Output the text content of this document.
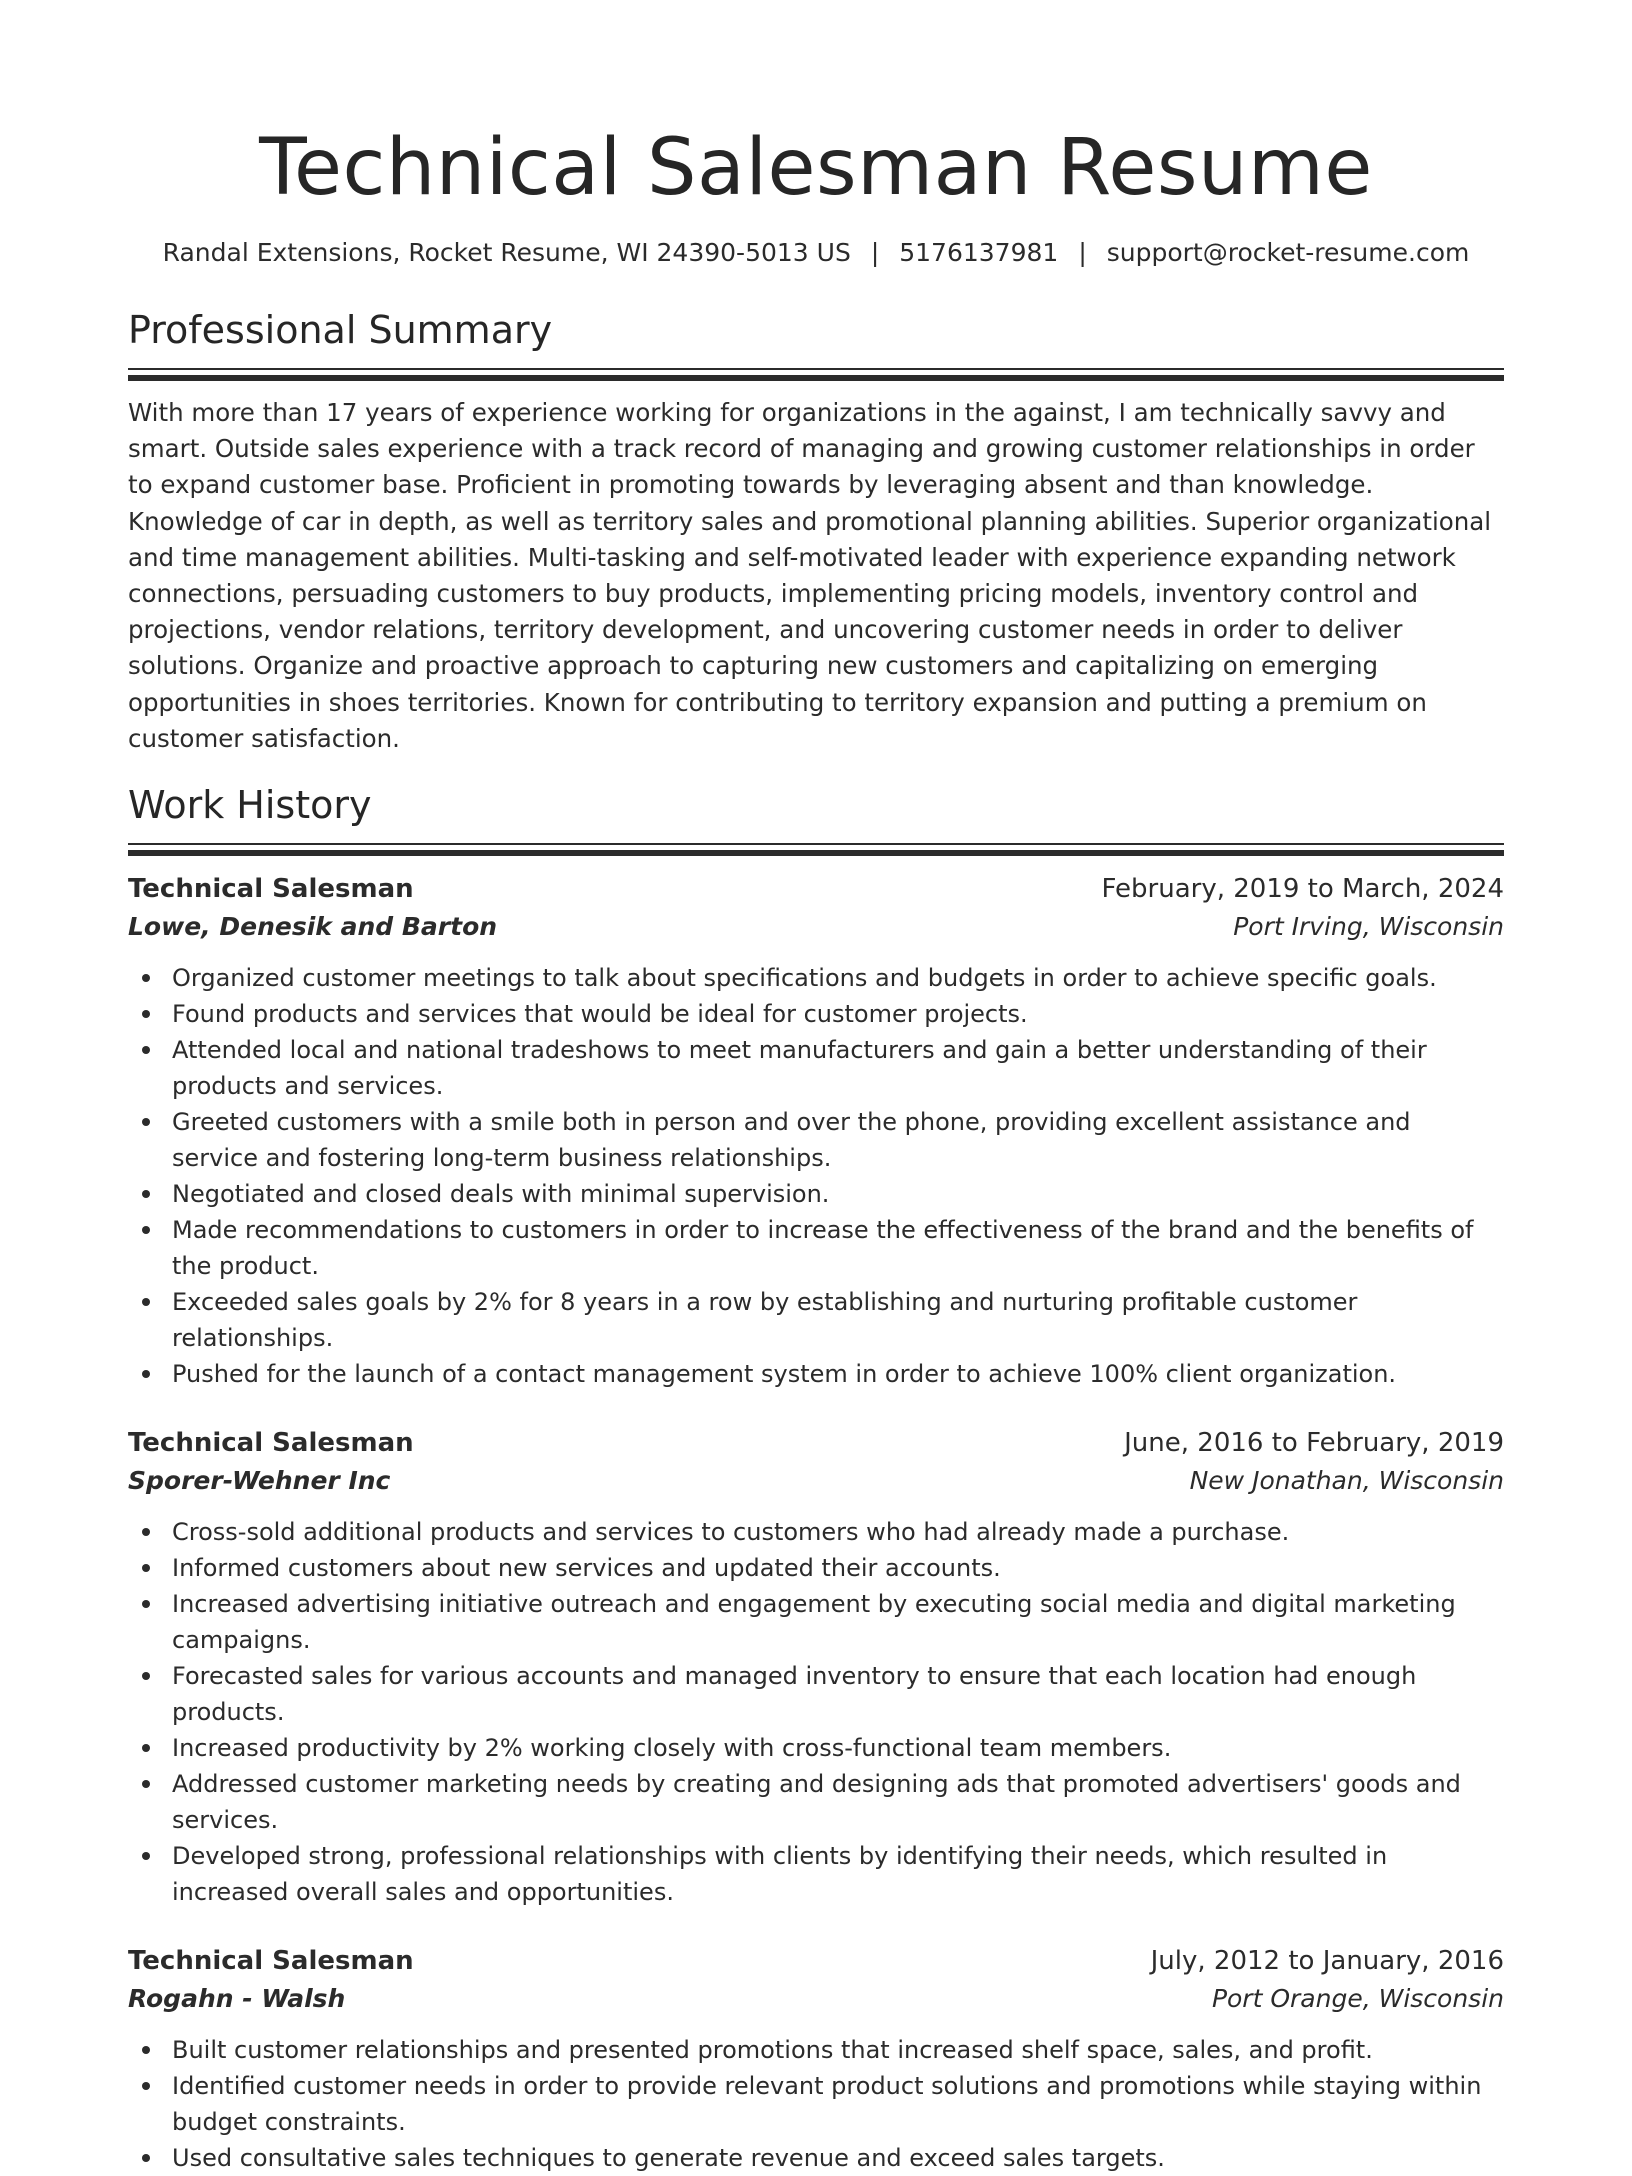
Technical Salesman Resume
Randal Extensions, Rocket Resume, WI 24390-5013 US | 5176137981 | support@rocket-resume.com
Professional Summary

With more than 17 years of experience working for organizations in the against, I am technically savvy and smart. Outside sales experience with a track record of managing and growing customer relationships in order to expand customer base. Proficient in promoting towards by leveraging absent and than knowledge. Knowledge of car in depth, as well as territory sales and promotional planning abilities. Superior organizational and time management abilities. Multi-tasking and self-motivated leader with experience expanding network connections, persuading customers to buy products, implementing pricing models, inventory control and projections, vendor relations, territory development, and uncovering customer needs in order to deliver solutions. Organize and proactive approach to capturing new customers and capitalizing on emerging opportunities in shoes territories. Known for contributing to territory expansion and putting a premium on customer satisfaction.

Work History
Technical Salesman	February, 2019 to March, 2024
Lowe, Denesik and Barton	Port Irving, Wisconsin
Organized customer meetings to talk about specifications and budgets in order to achieve specific goals.
Found products and services that would be ideal for customer projects.
Attended local and national tradeshows to meet manufacturers and gain a better understanding of their products and services.
Greeted customers with a smile both in person and over the phone, providing excellent assistance and service and fostering long-term business relationships.
Negotiated and closed deals with minimal supervision.
Made recommendations to customers in order to increase the effectiveness of the brand and the benefits of the product.
Exceeded sales goals by 2% for 8 years in a row by establishing and nurturing profitable customer relationships.
Pushed for the launch of a contact management system in order to achieve 100% client organization.
Technical Salesman	June, 2016 to February, 2019
Sporer-Wehner Inc	New Jonathan, Wisconsin
Cross-sold additional products and services to customers who had already made a purchase.
Informed customers about new services and updated their accounts.
Increased advertising initiative outreach and engagement by executing social media and digital marketing campaigns.
Forecasted sales for various accounts and managed inventory to ensure that each location had enough products.
Increased productivity by 2% working closely with cross-functional team members.
Addressed customer marketing needs by creating and designing ads that promoted advertisers' goods and services.
Developed strong, professional relationships with clients by identifying their needs, which resulted in increased overall sales and opportunities.
Technical Salesman	July, 2012 to January, 2016
Rogahn - Walsh	Port Orange, Wisconsin
Built customer relationships and presented promotions that increased shelf space, sales, and profit.
Identified customer needs in order to provide relevant product solutions and promotions while staying within budget constraints.
Used consultative sales techniques to generate revenue and exceed sales targets.
